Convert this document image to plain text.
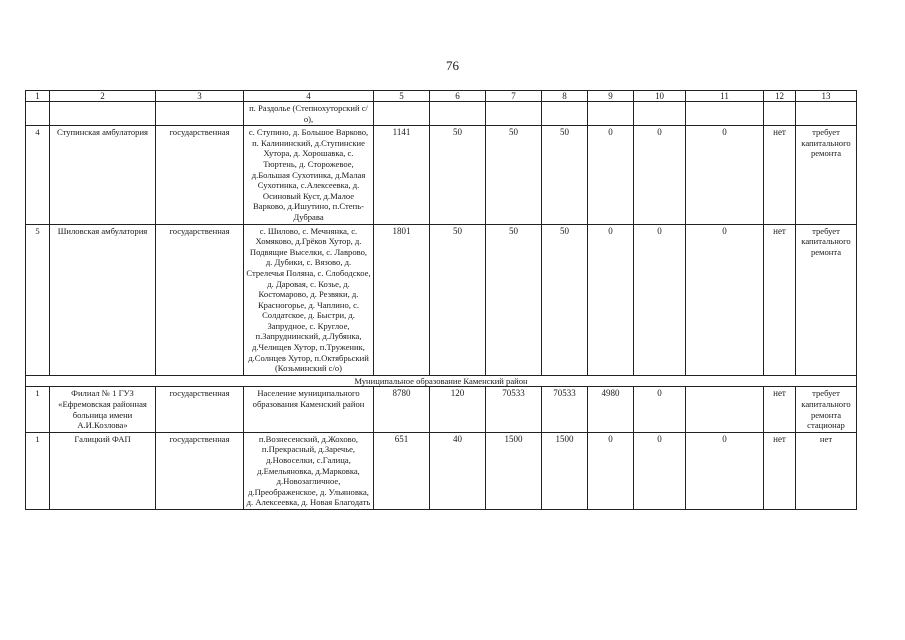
76
1	2	3	4	5	6	7	8	9	10	11	12	13
			п. Раздолье (Степнохуторский с/о),									
4	Ступинская амбулатория	государственная	с. Ступино, д. Большое Варково, п. Калининский, д.Ступинские Хутора, д. Хорошавка, с. Тюртень, д. Сторожевое, д.Большая Сухотинка, д.Малая Сухотинка, с.Алексеевка, д. Осиновый Куст, д.Малое Варково, д.Ишутино, п.Степь-Дубрава	1141	50	50	50	0	0	0	нет	требует капитального ремонта
5	Шиловская амбулатория	государственная	с. Шилово, с. Мечнянка, с. Хомяково, д.Грёков Хутор, д. Подвящие Выселки, с. Лаврово, д. Дубики, с. Вязово, д. Стрелечья Поляна, с. Слободское, д. Даровая, с. Козье, д. Костомарово, д. Резвяки, д. Красногорье, д. Чаплино, с. Солдатское, д. Быстри, д. Запрудное, с. Круглое, п.Запруднинский, д.Лубянка, д.Челищев Хутор, п.Труженик, д.Солнцев Хутор, п.Октябрьский (Козьминский с/о)	1801	50	50	50	0	0	0	нет	требует капитального ремонта
Муниципальное образование Каменский район												
1	Филиал № 1 ГУЗ «Ефремовская районная больница имени А.И.Козлова»	государственная	Население муниципального образования Каменский район	8780	120	70533	70533	4980	0		нет	требует капитального ремонта стационар
1	Галицкий ФАП	государственная	п.Вознесенский, д.Жохово, п.Прекрасный, д.Заречье, д.Новоселки, с.Галица, д.Емельяновка, д.Марковка, д.Новозагличное, д.Преображенское, д. Ульяновка, д. Алексеевка, д. Новая Благодать	651	40	1500	1500	0	0	0	нет	нет
